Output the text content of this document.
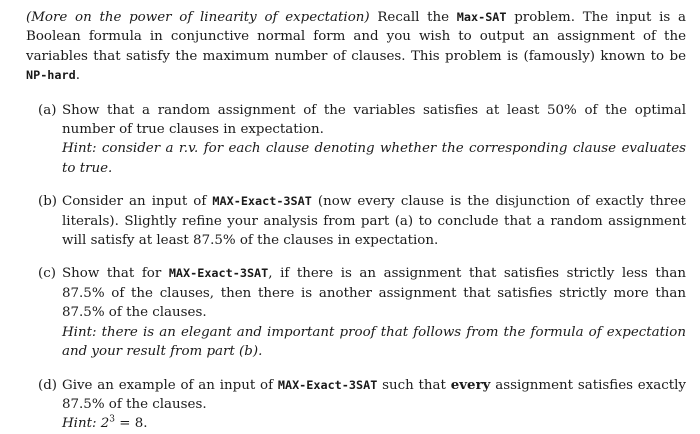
(More on the power of linearity of expectation) Recall the Max-SAT problem. The input is a Boolean formula in conjunctive normal form and you wish to output an assignment of the variables that satisfy the maximum number of clauses. This problem is (famously) known to be NP-hard.

(a) Show that a random assignment of the variables satisfies at least 50% of the optimal number of true clauses in expectation.
Hint: consider a r.v. for each clause denoting whether the corresponding clause evaluates to true.
(b) Consider an input of MAX-Exact-3SAT (now every clause is the disjunction of exactly three literals). Slightly refine your analysis from part (a) to conclude that a random assignment will satisfy at least 87.5% of the clauses in expectation.
(c) Show that for MAX-Exact-3SAT, if there is an assignment that satisfies strictly less than 87.5% of the clauses, then there is another assignment that satisfies strictly more than 87.5% of the clauses.
Hint: there is an elegant and important proof that follows from the formula of expectation and your result from part (b).
(d) Give an example of an input of MAX-Exact-3SAT such that every assignment satisfies exactly 87.5% of the clauses.
Hint: $2^3 = 8$.
